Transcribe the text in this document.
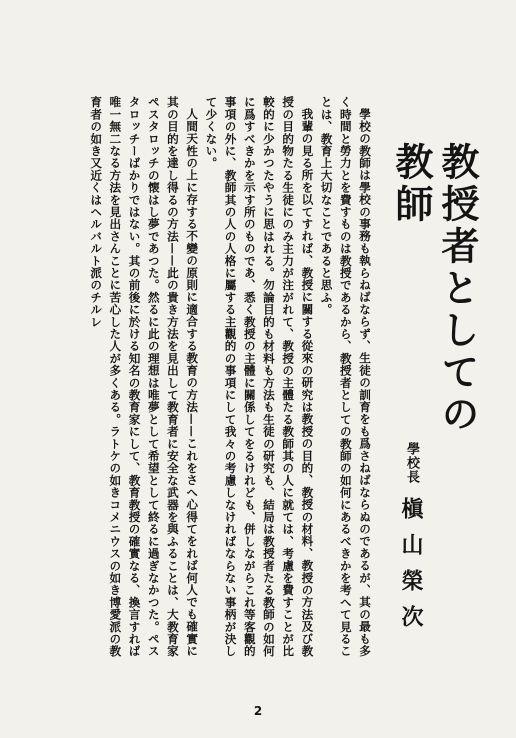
教授者としての教師
學校長 槇山榮次

學校の教師は學校の事務も執らねばならず、生徒の訓育をも爲さねばならぬのであるが、其の最も多く時間と勞力とを費すものは教授であるから、教授者としての教師の如何にあるべきかを考へて見ることは、教育上大切なことであると思ふ。

我輩の見る所を以てすれば、教授に關する從來の研究は教授の目的、教授の材料、教授の方法及び教授の目的物たる生徒にのみ主力が注がれて、教授の主體たる教師其の人に就ては、考慮を費すことが比較的に少かつたやうに思はれる。勿論目的も材料も方法も生徒の研究も、結局は教授者たる教師の如何に爲すべきかを示す所のものであ、悉く教授の主體に關係してをるけれども、併しながらこれ等客觀的事項の外に、教師其の人の人格に屬する主觀的の事項にして我々の考慮しなければならない事柄が決して少くない。

人間天性の上に存する不變の原則に適合する教育の方法——これをさへ心得てをれば何人でも確實に其の目的を達し得るの方法——此の貴き方法を見出して教育者に安全な武器を與ふることは、大教育家ペスタロッチの懐はし夢であつた。然るに此の理想は唯夢として希望として終るに過ぎなかつた。ペスタロッチーばかりではない。其の前後に於ける知名の教育家にして、教育教授の確實なる、換言すれば唯一無二なる方法を見出さんことに苦心した人が多くある。ラトケの如きコメニウスの如き博愛派の教育者の如き又近くはヘルバルト派のチルレ

2
